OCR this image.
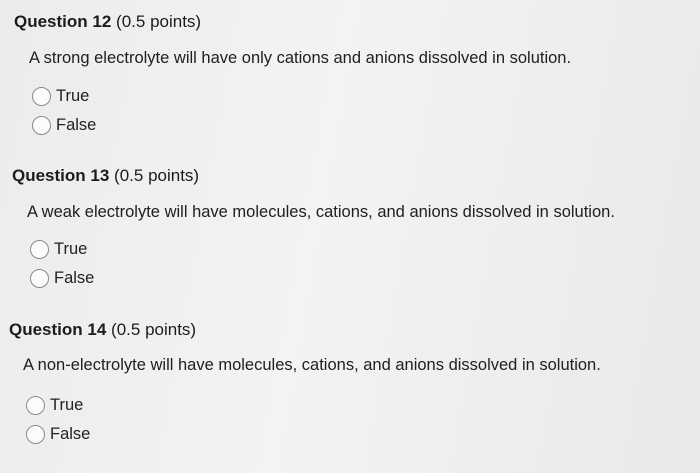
Question 12 (0.5 points)
A strong electrolyte will have only cations and anions dissolved in solution.
True
False
Question 13 (0.5 points)
A weak electrolyte will have molecules, cations, and anions dissolved in solution.
True
False
Question 14 (0.5 points)
A non-electrolyte will have molecules, cations, and anions dissolved in solution.
True
False
